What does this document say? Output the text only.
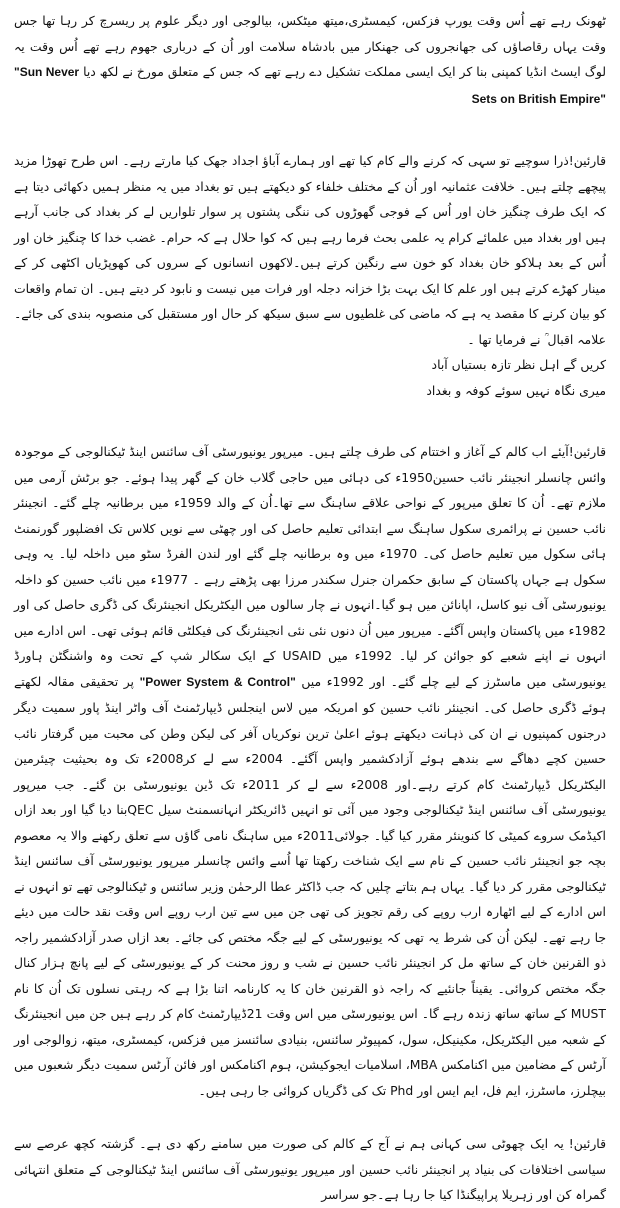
ٹھونک رہے تھے اُس وقت یورپ فزکس، کیمسٹری،میتھ میٹکس، بیالوجی اور دیگر علوم پر ریسرچ کر رہا تھا جس وقت یہاں رقاصاؤں کی جھانجروں کی جھنکار میں بادشاہ سلامت اور اُن کے درباری جھوم رہے تھے اُس وقت یہ لوگ ایسٹ انڈیا کمپنی بنا کر ایک ایسی مملکت تشکیل دے رہے تھے کہ جس کے متعلق مورخ نے لکھ دیا "Sun Never Sets on British Empire"

قارئین!ذرا سوچیے تو سہی کہ کرنے والے کام کیا تھے اور ہمارے آباؤ اجداد جھک کیا مارتے رہے۔ اس طرح تھوڑا مزید پیچھے چلتے ہیں۔ خلافت عثمانیہ اور اُن کے مختلف خلفاء کو دیکھتے ہیں تو بغداد میں یہ منظر ہمیں دکھائی دیتا ہے کہ ایک طرف چنگیز خان اور اُس کے فوجی گھوڑوں کی ننگی پشتوں پر سوار تلواریں لے کر بغداد کی جانب آرہے ہیں اور بغداد میں علمائے کرام یہ علمی بحث فرما رہے ہیں کہ کوا حلال ہے کہ حرام۔ غضب خدا کا چنگیز خان اور اُس کے بعد ہلاکو خان بغداد کو خون سے رنگین کرتے ہیں۔لاکھوں انسانوں کے سروں کی کھوپڑیاں اکٹھی کر کے مینار کھڑے کرتے ہیں اور علم کا ایک بہت بڑا خزانہ دجلہ اور فرات میں نیست و نابود کر دیتے ہیں۔ ان تمام واقعات کو بیان کرنے کا مقصد یہ ہے کہ ماضی کی غلطیوں سے سبق سیکھ کر حال اور مستقبل کی منصوبہ بندی کی جائے۔ علامہ اقبال ؒ نے فرمایا تھا ۔

کریں گے اہل نظر تازہ بستیاں آباد
میری نگاہ نہیں سوئے کوفہ و بغداد

قارئین!آیئے اب کالم کے آغاز و اختتام کی طرف چلتے ہیں۔ میرپور یونیورسٹی آف سائنس اینڈ ٹیکنالوجی کے موجودہ وائس چانسلر انجینئر نائب حسین1950ء کی دہائی میں حاجی گلاب خان کے گھر پیدا ہوئے۔ جو برٹش آرمی میں ملازم تھے۔ اُن کا تعلق میرپور کے نواحی علاقے ساہنگ سے تھا۔اُن کے والد 1959ء میں برطانیہ چلے گئے۔ انجینئر نائب حسین نے پرائمری سکول ساہنگ سے ابتدائی تعلیم حاصل کی اور چھٹی سے نویں کلاس تک افضلپور گورنمنٹ ہائی سکول میں تعلیم حاصل کی۔ 1970ء میں وہ برطانیہ چلے گئے اور لندن الفرڈ سٹو میں داخلہ لیا۔ یہ وہی سکول ہے جہاں پاکستان کے سابق حکمران جنرل سکندر مرزا بھی پڑھتے رہے ۔ 1977ء میں نائب حسین کو داخلہ یونیورسٹی آف نیو کاسل، اپانائن میں ہو گیا۔انہوں نے چار سالوں میں الیکٹریکل انجینئرنگ کی ڈگری حاصل کی اور 1982ء میں پاکستان واپس آگئے۔ میرپور میں اُن دنوں نئی نئی انجینئرنگ کی فیکلٹی قائم ہوئی تھی۔ اس ادارے میں انہوں نے اپنے شعبے کو جوائن کر لیا۔ 1992ء میں USAID کے ایک سکالر شپ کے تحت وہ واشنگٹن ہاورڈ یونیورسٹی میں ماسٹرز کے لیے چلے گئے۔ اور 1992ء میں "Power System & Control" پر تحقیقی مقالہ لکھتے ہوئے ڈگری حاصل کی۔ انجینئر نائب حسین کو امریکہ میں لاس اینجلس ڈیپارٹمنٹ آف واٹر اینڈ پاور سمیت دیگر درجنوں کمپنیوں نے ان کی ذہانت دیکھتے ہوئے اعلیٰ ترین نوکریاں آفر کی لیکن وطن کی محبت میں گرفتار نائب حسین کچے دھاگے سے بندھے ہوئے آزادکشمیر واپس آگئے۔ 2004ء سے لے کر2008ء تک وہ بحیثیت چیئرمین الیکٹریکل ڈیپارٹمنٹ کام کرتے رہے۔اور 2008ء سے لے کر 2011ء تک ڈین یونیورسٹی بن گئے۔ جب میرپور یونیورسٹی آف سائنس اینڈ ٹیکنالوجی وجود میں آئی تو انہیں ڈائریکٹر انہانسمنٹ سیل QECبنا دیا گیا اور بعد ازاں اکیڈمک سروے کمیٹی کا کنوینئر مقرر کیا گیا۔ جولائی2011ء میں ساہنگ نامی گاؤں سے تعلق رکھنے والا یہ معصوم بچہ جو انجینئر نائب حسین کے نام سے ایک شناخت رکھتا تھا اُسے وائس چانسلر میرپور یونیورسٹی آف سائنس اینڈ ٹیکنالوجی مقرر کر دیا گیا۔ یہاں ہم بتاتے چلیں کہ جب ڈاکٹر عطا الرحمٰن وزیر سائنس و ٹیکنالوجی تھے تو انہوں نے اس ادارے کے لیے اٹھارہ ارب روپے کی رقم تجویز کی تھی جن میں سے تین ارب روپے اس وقت نقد حالت میں دیئے جا رہے تھے۔ لیکن اُن کی شرط یہ تھی کہ یونیورسٹی کے لیے جگہ مختص کی جائے۔ بعد ازاں صدر آزادکشمیر راجہ ذو القرنین خان کے ساتھ مل کر انجینئر نائب حسین نے شب و روز محنت کر کے یونیورسٹی کے لیے پانچ ہزار کنال جگہ مختص کروائی۔ یقیناً جانئیے کہ راجہ ذو القرنین خان کا یہ کارنامہ اتنا بڑا ہے کہ رہتی نسلوں تک اُن کا نام MUST کے ساتھ ساتھ زندہ رہے گا۔ اس یونیورسٹی میں اس وقت 21ڈیپارٹمنٹ کام کر رہے ہیں جن میں انجینئرنگ کے شعبہ میں الیکٹریکل، مکینیکل، سول، کمپیوٹر سائنس، بنیادی سائنسز میں فزکس، کیمسٹری، میتھ، زوالوجی اور آرٹس کے مضامین میں اکنامکس MBA، اسلامیات ایجوکیشن، ہوم اکنامکس اور فائن آرٹس سمیت دیگر شعبوں میں بیچلرز، ماسٹرز، ایم فل، ایم ایس اور Phd تک کی ڈگریاں کروائی جا رہی ہیں۔

قارئین! یہ ایک چھوٹی سی کہانی ہم نے آج کے کالم کی صورت میں سامنے رکھ دی ہے۔ گزشتہ کچھ عرصے سے سیاسی اختلافات کی بنیاد پر انجینئر نائب حسین اور میرپور یونیورسٹی آف سائنس اینڈ ٹیکنالوجی کے متعلق انتہائی گمراہ کن اور زہریلا پراپیگنڈا کیا جا رہا ہے۔جو سراسر
